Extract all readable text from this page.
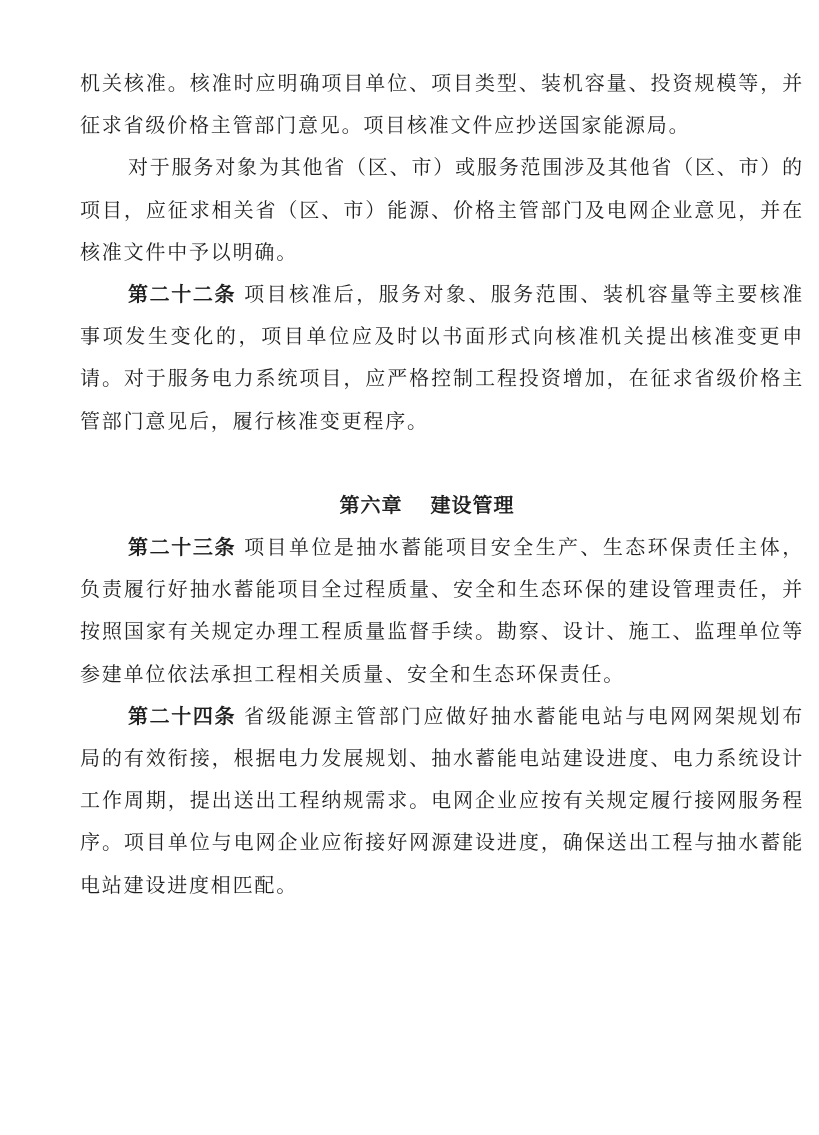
机关核准。核准时应明确项目单位、项目类型、装机容量、投资规模等，并征求省级价格主管部门意见。项目核准文件应抄送国家能源局。

对于服务对象为其他省（区、市）或服务范围涉及其他省（区、市）的项目，应征求相关省（区、市）能源、价格主管部门及电网企业意见，并在核准文件中予以明确。

第二十二条 项目核准后，服务对象、服务范围、装机容量等主要核准事项发生变化的，项目单位应及时以书面形式向核准机关提出核准变更申请。对于服务电力系统项目，应严格控制工程投资增加，在征求省级价格主管部门意见后，履行核准变更程序。

第六章 建设管理

第二十三条 项目单位是抽水蓄能项目安全生产、生态环保责任主体，负责履行好抽水蓄能项目全过程质量、安全和生态环保的建设管理责任，并按照国家有关规定办理工程质量监督手续。勘察、设计、施工、监理单位等参建单位依法承担工程相关质量、安全和生态环保责任。

第二十四条 省级能源主管部门应做好抽水蓄能电站与电网网架规划布局的有效衔接，根据电力发展规划、抽水蓄能电站建设进度、电力系统设计工作周期，提出送出工程纳规需求。电网企业应按有关规定履行接网服务程序。项目单位与电网企业应衔接好网源建设进度，确保送出工程与抽水蓄能电站建设进度相匹配。
